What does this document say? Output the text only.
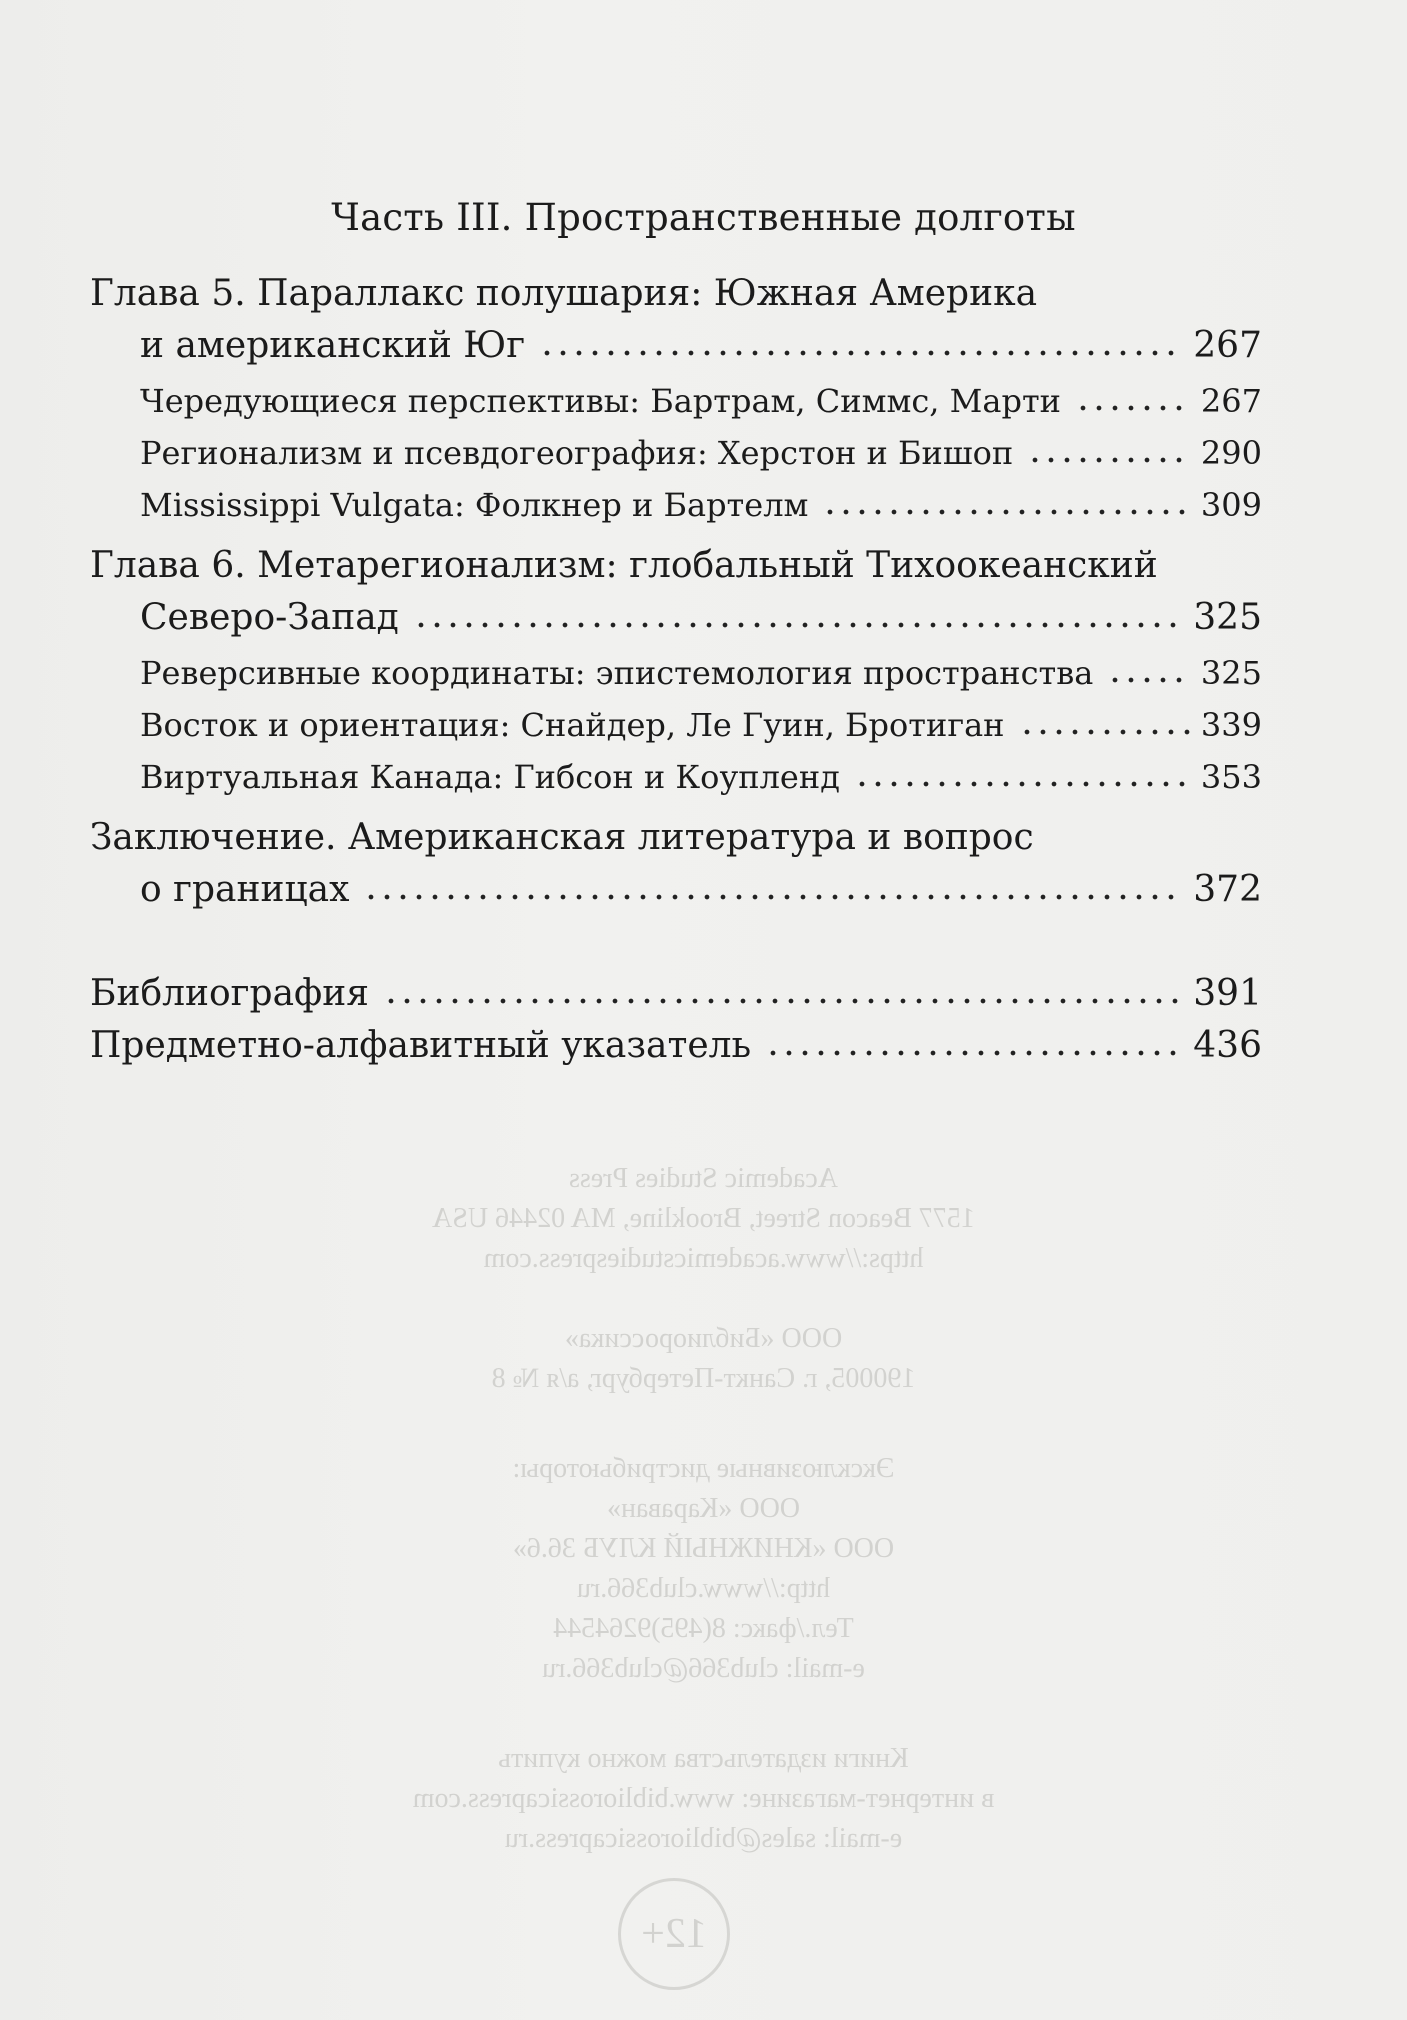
Academic Studies Press
1577 Beacon Street, Brookline, MA 02446 USA
https://www.academicstudiespress.com
ООО «Библиороссика»
190005, г. Санкт-Петербург, а/я № 8
Эксклюзивные дистрибьюторы:
ООО «Караван»
ООО «КНИЖНЫЙ КЛУБ 36.6»
http://www.club366.ru
Тел./факс: 8(495)9264544
e-mail: club366@club366.ru
Книги издательства можно купить
в интернет-магазине: www.bibliorossicapress.com
e-mail: sales@bibliorossicapress.ru
12+
Часть III. Пространственные долготы
Глава 5. Параллакс полушария: Южная Америка
и американский Юг	267
Чередующиеся перспективы: Бартрам, Симмс, Марти	267
Регионализм и псевдогеография: Херстон и Бишоп	290
Mississippi Vulgata: Фолкнер и Бартелм	309
Глава 6. Метарегионализм: глобальный Тихоокеанский
Северо-Запад	325
Реверсивные координаты: эпистемология пространства	325
Восток и ориентация: Снайдер, Ле Гуин, Бротиган	339
Виртуальная Канада: Гибсон и Коупленд	353
Заключение. Американская литература и вопрос
о границах	372
Библиография	391
Предметно-алфавитный указатель	436
